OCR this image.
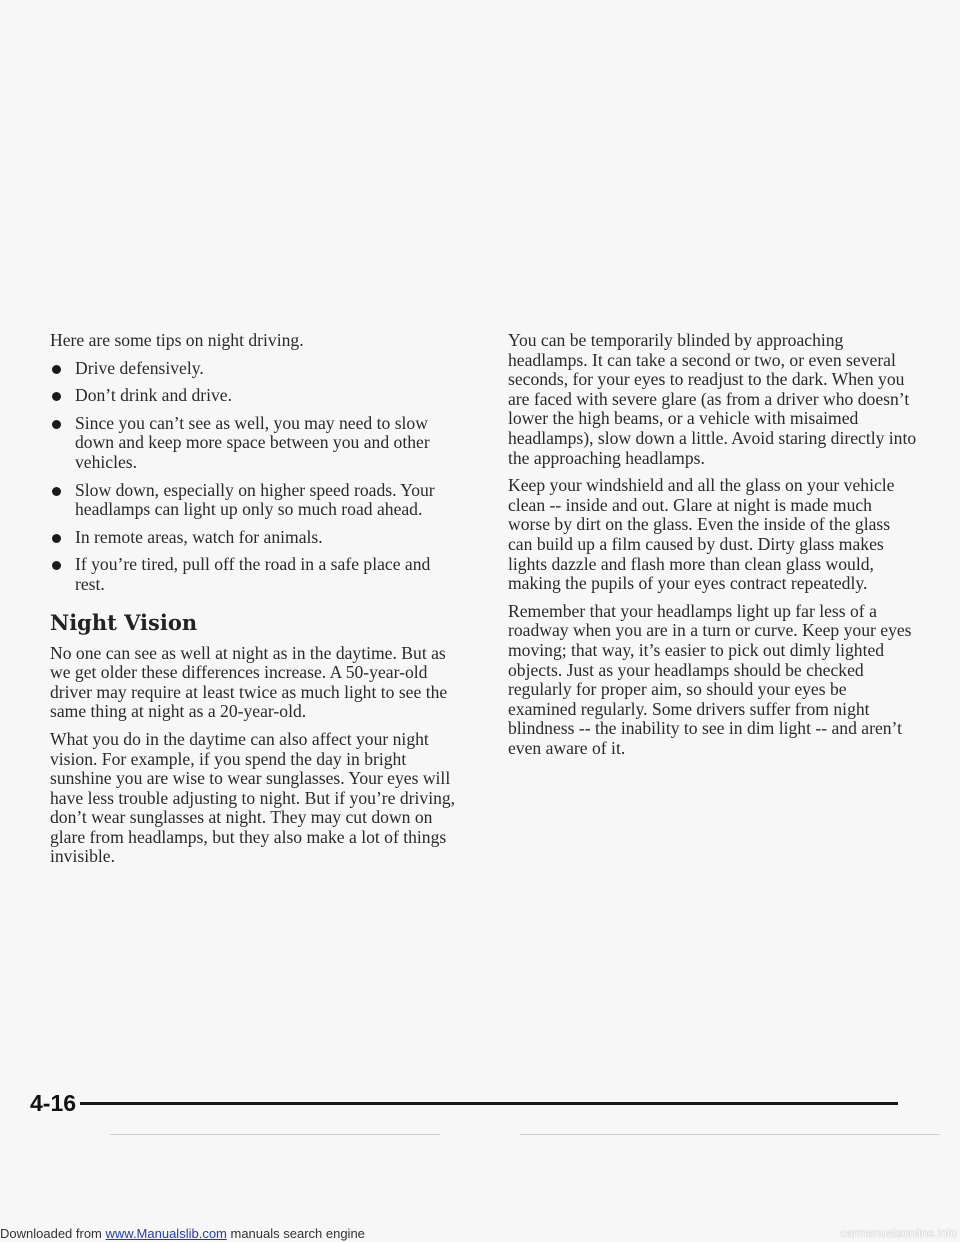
Here are some tips on night driving.

Drive defensively.
Don’t drink and drive.
Since you can’t see as well, you may need to slow down and keep more space between you and other vehicles.
Slow down, especially on higher speed roads. Your headlamps can light up only so much road ahead.
In remote areas, watch for animals.
If you’re tired, pull off the road in a safe place and rest.
Night Vision

No one can see as well at night as in the daytime. But as we get older these differences increase. A 50-year-old driver may require at least twice as much light to see the same thing at night as a 20-year-old.

What you do in the daytime can also affect your night vision. For example, if you spend the day in bright sunshine you are wise to wear sunglasses. Your eyes will have less trouble adjusting to night. But if you’re driving, don’t wear sunglasses at night. They may cut down on glare from headlamps, but they also make a lot of things invisible.

You can be temporarily blinded by approaching headlamps. It can take a second or two, or even several seconds, for your eyes to readjust to the dark. When you are faced with severe glare (as from a driver who doesn’t lower the high beams, or a vehicle with misaimed headlamps), slow down a little. Avoid staring directly into the approaching headlamps.

Keep your windshield and all the glass on your vehicle clean -- inside and out. Glare at night is made much worse by dirt on the glass. Even the inside of the glass can build up a film caused by dust. Dirty glass makes lights dazzle and flash more than clean glass would, making the pupils of your eyes contract repeatedly.

Remember that your headlamps light up far less of a roadway when you are in a turn or curve. Keep your eyes moving; that way, it’s easier to pick out dimly lighted objects. Just as your headlamps should be checked regularly for proper aim, so should your eyes be examined regularly. Some drivers suffer from night blindness -- the inability to see in dim light -- and aren’t even aware of it.

4-16
Downloaded from www.Manualslib.com manuals search engine	carmanualsonline.info
